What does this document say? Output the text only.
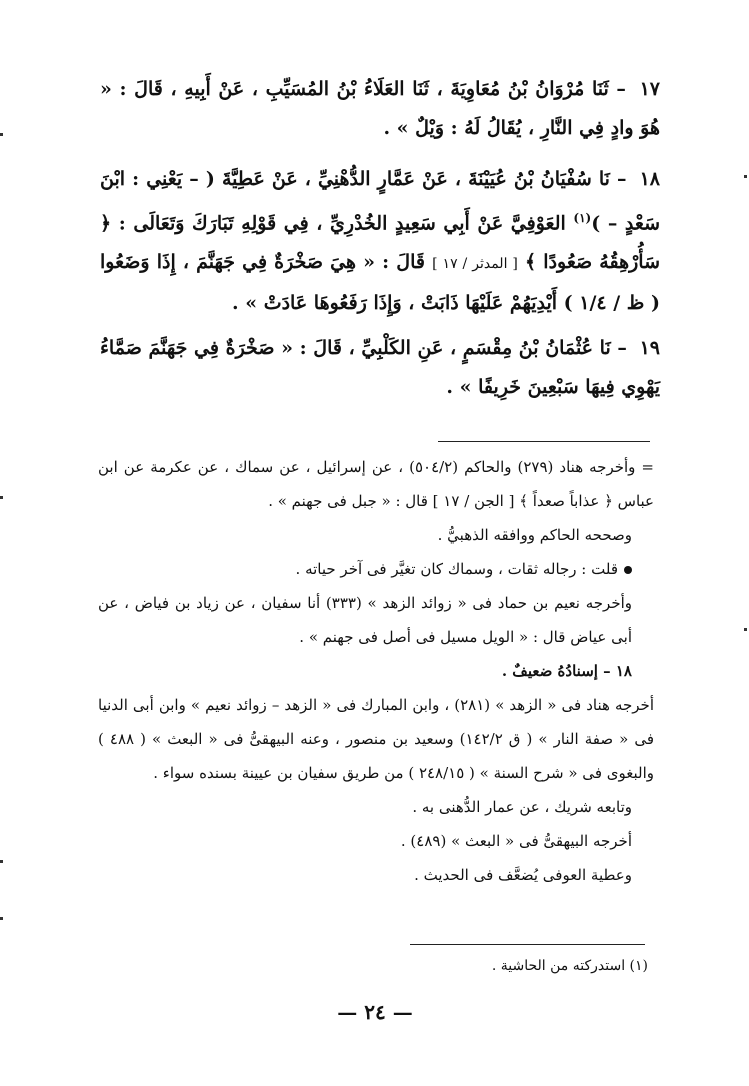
١٧ – ثَنَا مُرْوَانُ بْنُ مُعَاوِيَةَ ، ثَنَا العَلَاءُ بْنُ المُسَيِّبِ ، عَنْ أَبِيهِ ، قَالَ : « هُوَ وادٍ فِي النَّارِ ، يُقَالُ لَهُ : وَيْلٌ » .
١٨ – نَا سُفْيَانُ بْنُ عُيَيْنَةَ ، عَنْ عَمَّارٍ الدُّهْنِيِّ ، عَنْ عَطِيَّةَ ( – يَعْنِي : ابْنَ سَعْدٍ – )$^{(١)}$ العَوْفِيَّ عَنْ أَبِي سَعِيدٍ الخُدْرِيِّ ، فِي قَوْلِهِ تَبَارَكَ وَتَعَالَى : ﴿ سَأُرْهِقُهُ صَعُودًا ﴾ [ المدثر / ١٧ ] قَالَ : « هِيَ صَخْرَةٌ فِي جَهَنَّمَ ، إِذَا وَضَعُوا ( ظ / ١/٤ ) أَيْدِيَهُمْ عَلَيْهَا ذَابَتْ ، وَإِذَا رَفَعُوهَا عَادَتْ » .
١٩ – نَا عُثْمَانُ بْنُ مِقْسَمٍ ، عَنِ الكَلْبِيِّ ، قَالَ : « صَخْرَةٌ فِي جَهَنَّمَ صَمَّاءُ يَهْوِي فِيهَا سَبْعِينَ خَرِيفًا » .
= وأخرجه هناد (٢٧٩) والحاكم (٥٠٤/٢) ، عن إسرائيل ، عن سماك ، عن عكرمة عن ابن عباس ﴿ عذاباً صعداً ﴾ [ الجن / ١٧ ] قال : « جبل فى جهنم » .
وصححه الحاكم ووافقه الذهبيُّ .
قلت : رجاله ثقات ، وسماك كان تغيَّر فى آخر حياته .
وأخرجه نعيم بن حماد فى « زوائد الزهد » (٣٣٣) أنا سفيان ، عن زياد بن فياض ، عن أبى عياض قال : « الويل مسيل فى أصل فى جهنم » .
١٨ – إسنادُهُ ضعيفٌ .
أخرجه هناد فى « الزهد » (٢٨١) ، وابن المبارك فى « الزهد – زوائد نعيم » وابن أبى الدنيا فى « صفة النار » ( ق ١٤٢/٢) وسعيد بن منصور ، وعنه البيهقىُّ فى « البعث » ( ٤٨٨ ) والبغوى فى « شرح السنة » ( ٢٤٨/١٥ ) من طريق سفيان بن عيينة بسنده سواء .
وتابعه شريك ، عن عمار الدُّهنى به .
أخرجه البيهقىُّ فى « البعث » (٤٨٩) .
وعطية العوفى يُضعَّف فى الحديث .
(١) استدركته من الحاشية .
— ٢٤ —
